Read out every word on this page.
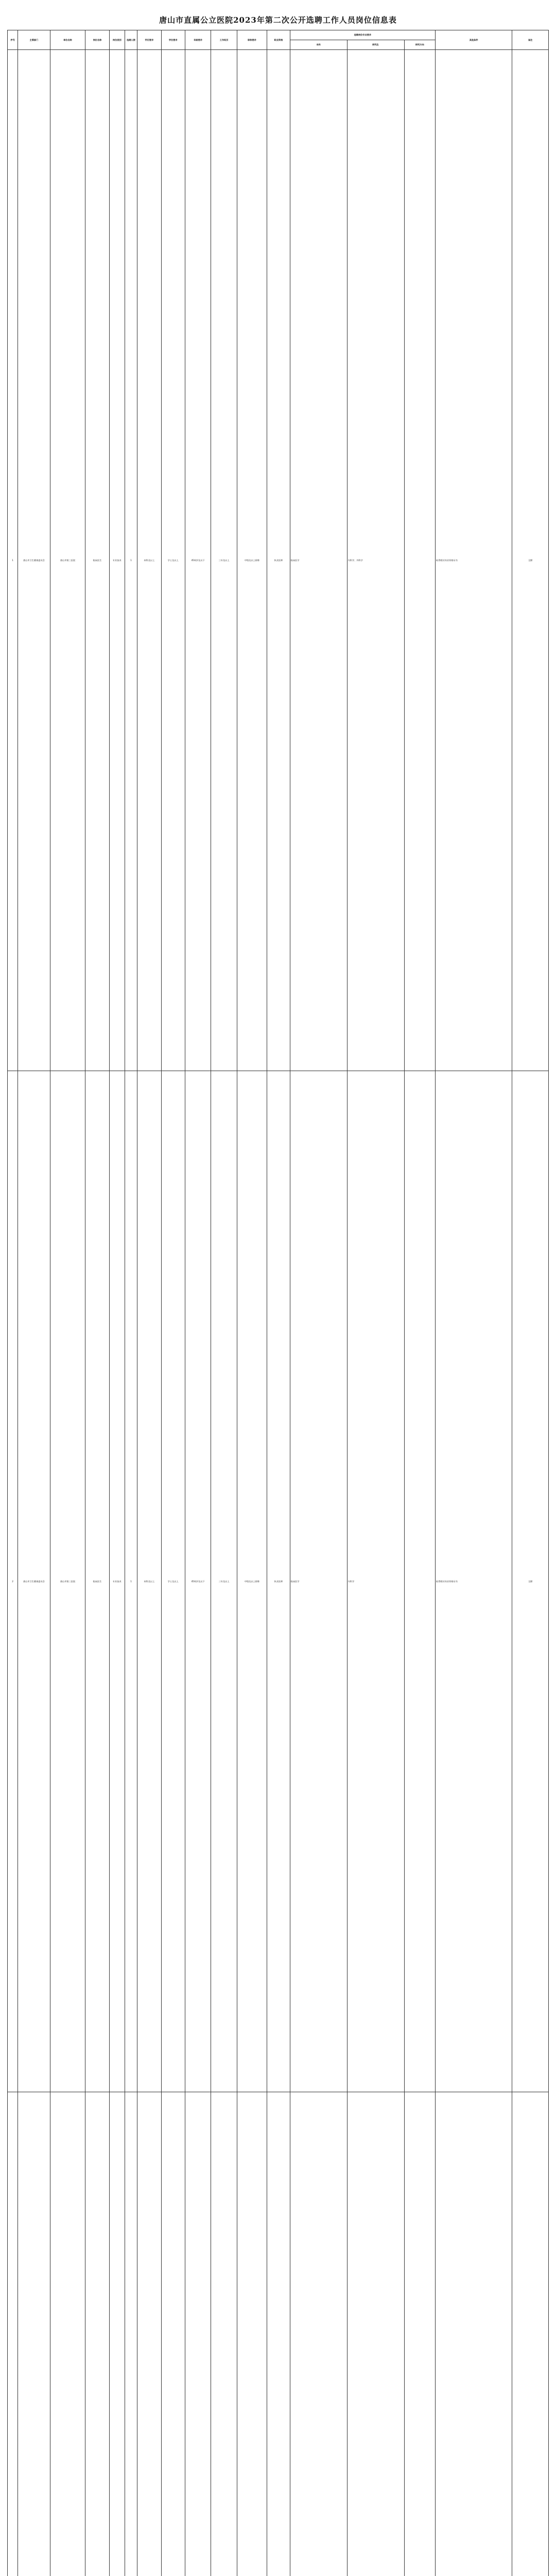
唐山市直属公立医院2023年第二次公开选聘工作人员岗位信息表
序号	主管部门	单位名称	岗位名称	岗位类别	选聘人数	学历要求	学位要求	年龄要求	工作经历	职称要求	职业资格	选聘岗位专业要求			其他条件	备注
												本科	研究生	研究方向		
1	唐山市卫生健康委员会	唐山市第三医院	临床医生	专业技术	1	本科及以上	学士及以上	45周岁及以下	三年及以上	中级及以上职称	执业医师	临床医学	内科学、外科学		取得相应执业资格证书	全额
2	唐山市卫生健康委员会	唐山市第三医院	临床医生	专业技术	1	本科及以上	学士及以上	45周岁及以下	三年及以上	中级及以上职称	执业医师	临床医学	内科学		取得相应执业资格证书	全额
